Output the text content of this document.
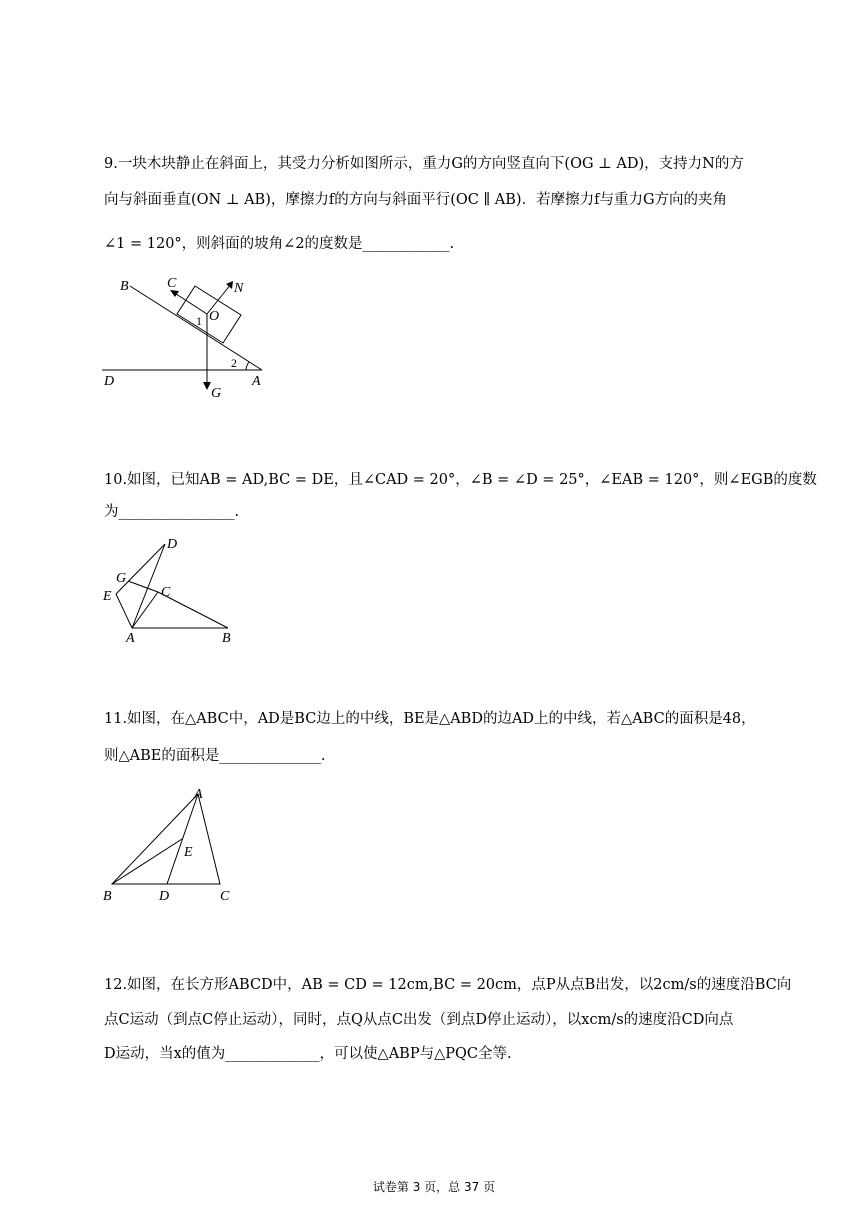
9.一块木块静止在斜面上，其受力分析如图所示，重力G的方向竖直向下(OG ⊥ AD)，支持力N的方
向与斜面垂直(ON ⊥ AB)，摩擦力f的方向与斜面平行(OC ∥ AB)．若摩擦力f与重力G方向的夹角
∠1 = 120°，则斜面的坡角∠2的度数是____________.
B	C	N
O
1
2
D	A
G
10.如图，已知AB = AD,BC = DE，且∠CAD = 20°，∠B = ∠D = 25°，∠EAB = 120°，则∠EGB的度数
为________________.
D
G
C
E
A	B
11.如图，在△ABC中，AD是BC边上的中线，BE是△ABD的边AD上的中线，若△ABC的面积是48，
则△ABE的面积是______________.
A
E
B	D	C
12.如图，在长方形ABCD中，AB = CD = 12cm,BC = 20cm，点P从点B出发，以2cm/s的速度沿BC向
点C运动（到点C停止运动），同时，点Q从点C出发（到点D停止运动），以xcm/s的速度沿CD向点
D运动，当x的值为_____________，可以使△ABP与△PQC全等.
试卷第 3 页，总 37 页
